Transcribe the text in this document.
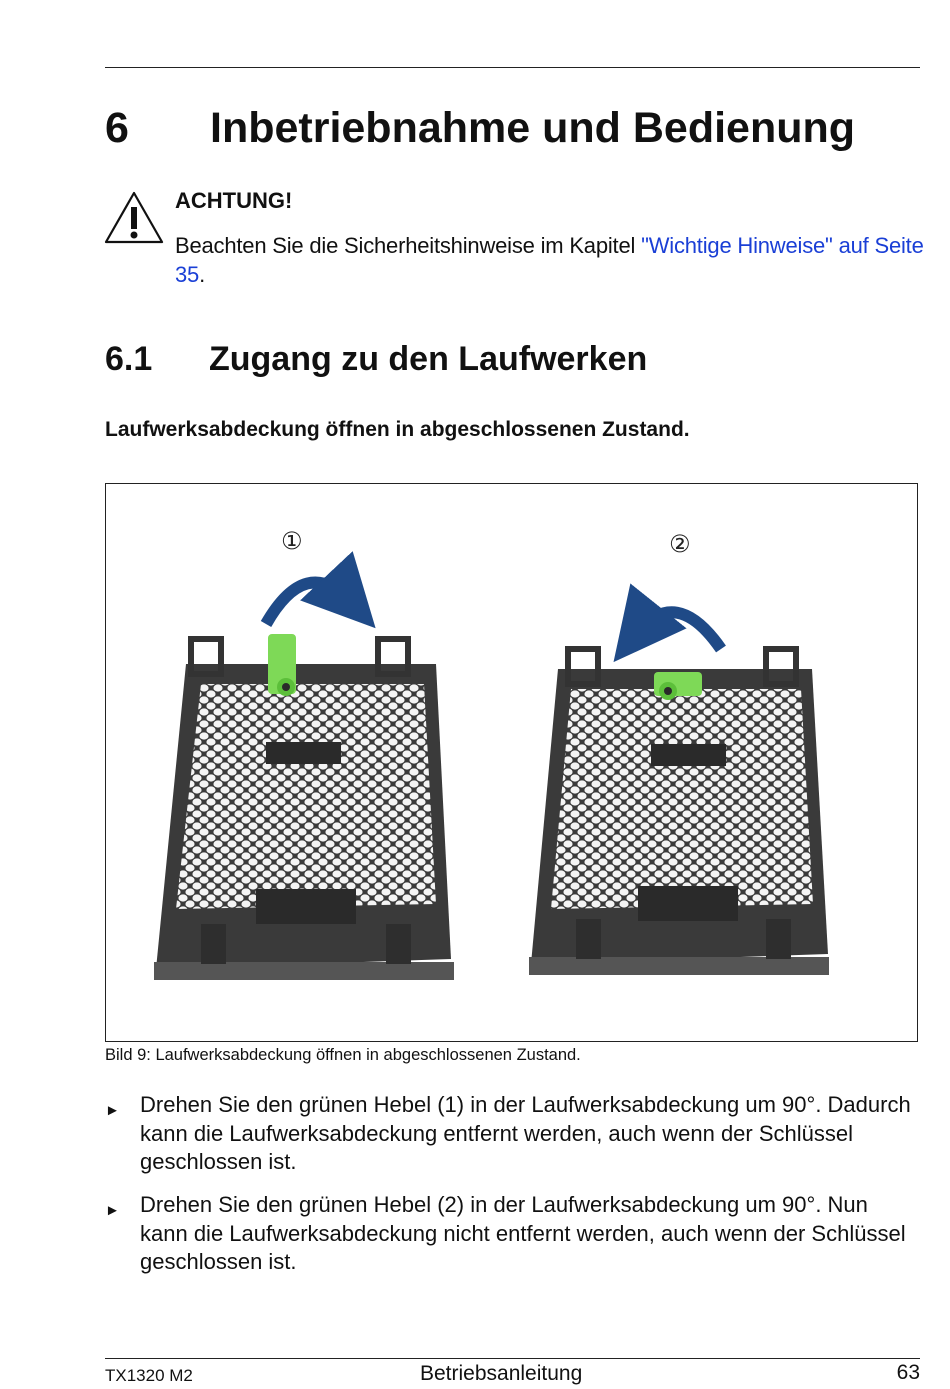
6 Inbetriebnahme und Bedienung
ACHTUNG!
Beachten Sie die Sicherheitshinweise im Kapitel "Wichtige Hinweise" auf Seite 35.
6.1 Zugang zu den Laufwerken
Laufwerksabdeckung öffnen in abgeschlossenen Zustand.
①	②
Bild 9: Laufwerksabdeckung öffnen in abgeschlossenen Zustand.
► Drehen Sie den grünen Hebel (1) in der Laufwerksabdeckung um 90°. Dadurch kann die Laufwerksabdeckung entfernt werden, auch wenn der Schlüssel geschlossen ist.
► Drehen Sie den grünen Hebel (2) in der Laufwerksabdeckung um 90°. Nun kann die Laufwerksabdeckung nicht entfernt werden, auch wenn der Schlüssel geschlossen ist.
TX1320 M2	Betriebsanleitung	63
